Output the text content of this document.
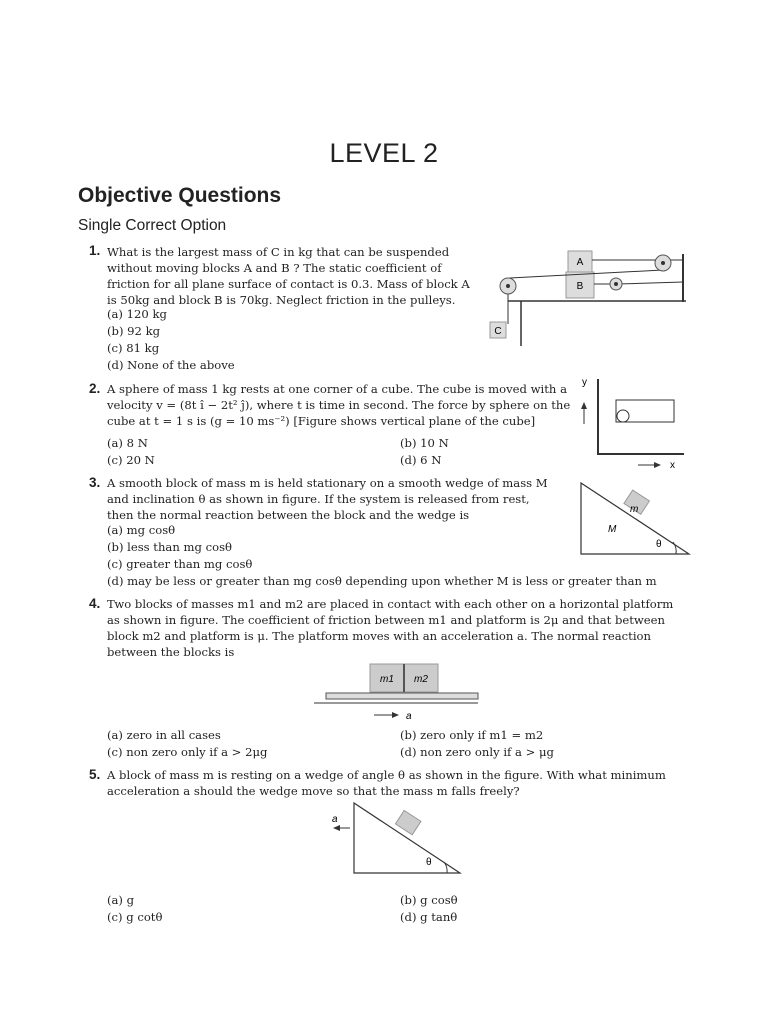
LEVEL 2
Objective Questions
Single Correct Option
1. What is the largest mass of C in kg that can be suspended
without moving blocks A and B ? The static coefficient of
friction for all plane surface of contact is 0.3. Mass of block A
is 50kg and block B is 70kg. Neglect friction in the pulleys.
(a) 120 kg
(b) 92 kg
(c) 81 kg
(d) None of the above
B
A
C
2. A sphere of mass 1 kg rests at one corner of a cube. The cube is moved with a
velocity v = (8t î − 2t² ĵ), where t is time in second. The force by sphere on the
cube at t = 1 s is (g = 10 ms⁻²) [Figure shows vertical plane of the cube]
(a) 8 N	(b) 10 N
(c) 20 N	(d) 6 N
y
x
3. A smooth block of mass m is held stationary on a smooth wedge of mass M
and inclination θ as shown in figure. If the system is released from rest,
then the normal reaction between the block and the wedge is
(a) mg cosθ
(b) less than mg cosθ
(c) greater than mg cosθ
(d) may be less or greater than mg cosθ depending upon whether M is less or greater than m
θ
m
M
4. Two blocks of masses m1 and m2 are placed in contact with each other on a horizontal platform
as shown in figure. The coefficient of friction between m1 and platform is 2μ and that between
block m2 and platform is μ. The platform moves with an acceleration a. The normal reaction
between the blocks is
m1 m2
a
(a) zero in all cases	(b) zero only if m1 = m2
(c) non zero only if a > 2μg	(d) non zero only if a > μg
5. A block of mass m is resting on a wedge of angle θ as shown in the figure. With what minimum
acceleration a should the wedge move so that the mass m falls freely?
a
θ
(a) g	(b) g cosθ
(c) g cotθ	(d) g tanθ
